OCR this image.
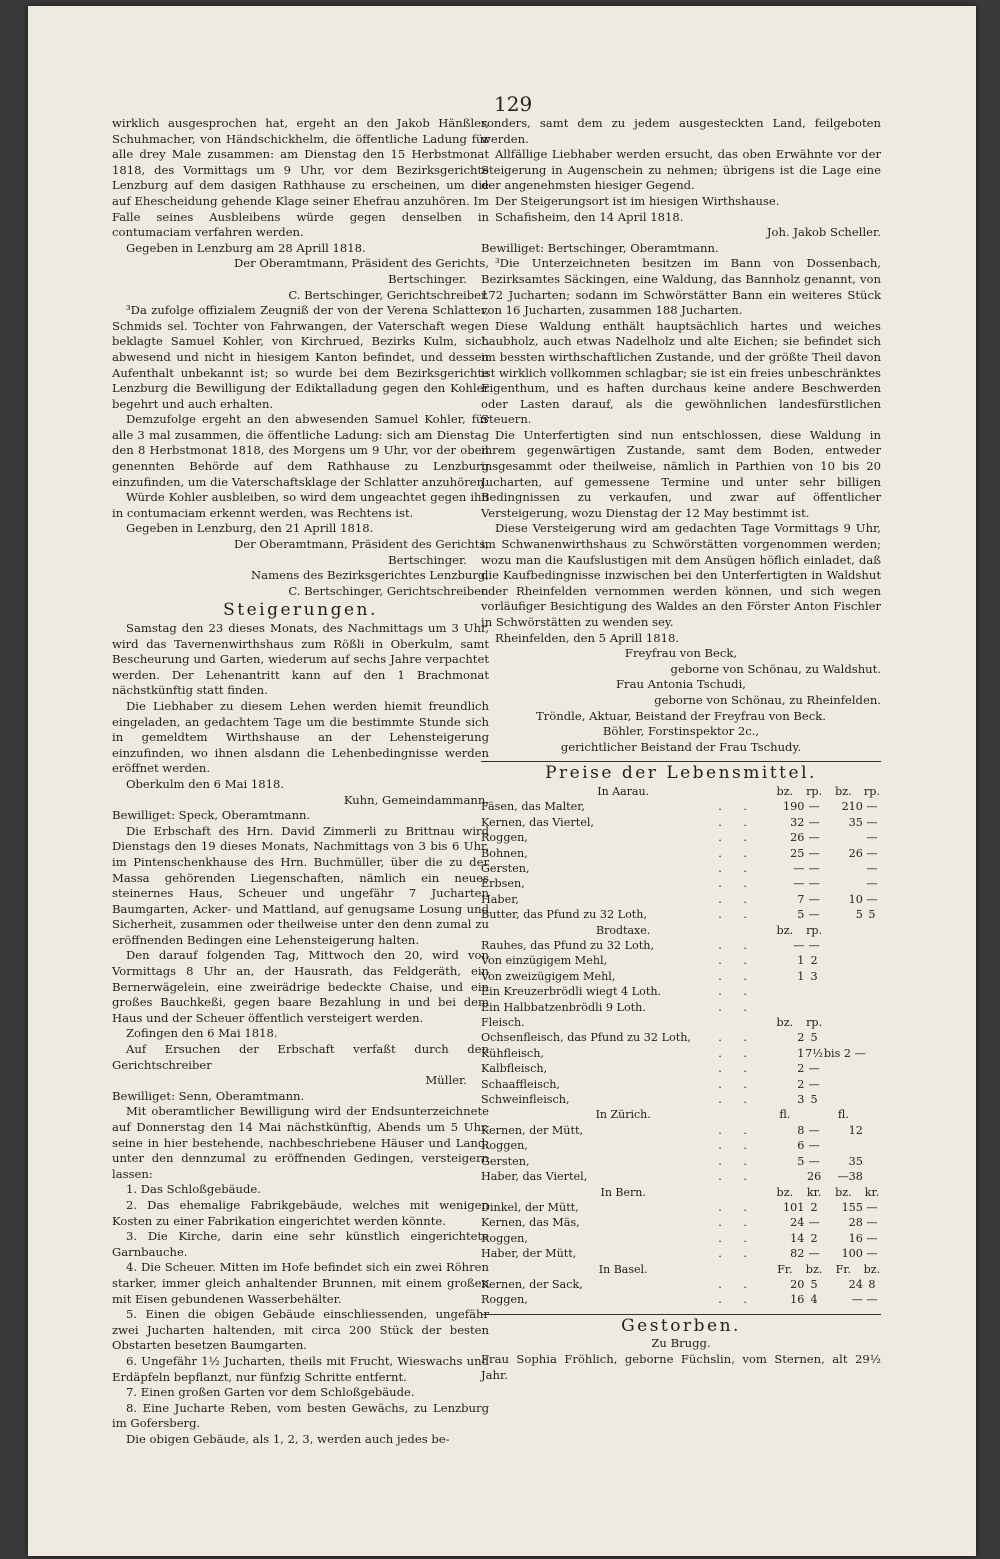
129

wirklich ausgesprochen hat, ergeht an den Jakob Hänßler, Schuhmacher, von Händschickhelm, die öffentliche Ladung für alle drey Male zusammen: am Dienstag den 15 Herbstmonat 1818, des Vormittags um 9 Uhr, vor dem Bezirksgerichte Lenzburg auf dem dasigen Rathhause zu erscheinen, um die auf Ehescheidung gehende Klage seiner Ehefrau anzuhören. Im Falle seines Ausbleibens würde gegen denselben in contumaciam verfahren werden.

Gegeben in Lenzburg am 28 Aprill 1818.

Der Oberamtmann, Präsident des Gerichts,

Bertschinger.

C. Bertschinger, Gerichtschreiber.

³Da zufolge offizialem Zeugniß der von der Verena Schlatter, Schmids sel. Tochter von Fahrwangen, der Vaterschaft wegen beklagte Samuel Kohler, von Kirchrued, Bezirks Kulm, sich abwesend und nicht in hiesigem Kanton befindet, und dessen Aufenthalt unbekannt ist; so wurde bei dem Bezirksgerichte Lenzburg die Bewilligung der Ediktalladung gegen den Kohler begehrt und auch erhalten.

Demzufolge ergeht an den abwesenden Samuel Kohler, für alle 3 mal zusammen, die öffentliche Ladung: sich am Dienstag den 8 Herbstmonat 1818, des Morgens um 9 Uhr, vor der oben genennten Behörde auf dem Rathhause zu Lenzburg einzufinden, um die Vaterschaftsklage der Schlatter anzuhören.

Würde Kohler ausbleiben, so wird dem ungeachtet gegen ihn in contumaciam erkennt werden, was Rechtens ist.

Gegeben in Lenzburg, den 21 Aprill 1818.

Der Oberamtmann, Präsident des Gerichts,

Bertschinger.

Namens des Bezirksgerichtes Lenzburg,

C. Bertschinger, Gerichtschreiber.

Steigerungen.

Samstag den 23 dieses Monats, des Nachmittags um 3 Uhr, wird das Tavernenwirthshaus zum Rößli in Oberkulm, samt Bescheurung und Garten, wiederum auf sechs Jahre verpachtet werden. Der Lehenantritt kann auf den 1 Brachmonat nächstkünftig statt finden.

Die Liebhaber zu diesem Lehen werden hiemit freundlich eingeladen, an gedachtem Tage um die bestimmte Stunde sich in gemeldtem Wirthshause an der Lehensteigerung einzufinden, wo ihnen alsdann die Lehenbedingnisse werden eröffnet werden.

Oberkulm den 6 Mai 1818.

Kuhn, Gemeindammann.

Bewilliget: Speck, Oberamtmann.

Die Erbschaft des Hrn. David Zimmerli zu Brittnau wird Dienstags den 19 dieses Monats, Nachmittags von 3 bis 6 Uhr, im Pintenschenkhause des Hrn. Buchmüller, über die zu der Massa gehörenden Liegenschaften, nämlich ein neues steinernes Haus, Scheuer und ungefähr 7 Jucharten Baumgarten, Acker- und Mattland, auf genugsame Losung und Sicherheit, zusammen oder theilweise unter den denn zumal zu eröffnenden Bedingen eine Lehensteigerung halten.

Den darauf folgenden Tag, Mittwoch den 20, wird von Vormittags 8 Uhr an, der Hausrath, das Feldgeräth, ein Bernerwägelein, eine zweirädrige bedeckte Chaise, und ein großes Bauchkeßi, gegen baare Bezahlung in und bei dem Haus und der Scheuer öffentlich versteigert werden.

Zofingen den 6 Mai 1818.

Auf Ersuchen der Erbschaft verfaßt durch den Gerichtschreiber

Müller.

Bewilliget: Senn, Oberamtmann.

Mit oberamtlicher Bewilligung wird der Endsunterzeichnete auf Donnerstag den 14 Mai nächstkünftig, Abends um 5 Uhr, seine in hier bestehende, nachbeschriebene Häuser und Land, unter den dennzumal zu eröffnenden Gedingen, versteigern lassen:

1. Das Schloßgebäude.

2. Das ehemalige Fabrikgebäude, welches mit wenigen Kosten zu einer Fabrikation eingerichtet werden könnte.

3. Die Kirche, darin eine sehr künstlich eingerichtete Garnbauche.

4. Die Scheuer. Mitten im Hofe befindet sich ein zwei Röhren starker, immer gleich anhaltender Brunnen, mit einem großen mit Eisen gebundenen Wasserbehälter.

5. Einen die obigen Gebäude einschliessenden, ungefähr zwei Jucharten haltenden, mit circa 200 Stück der besten Obstarten besetzen Baumgarten.

6. Ungefähr 1½ Jucharten, theils mit Frucht, Wieswachs und Erdäpfeln bepflanzt, nur fünfzig Schritte entfernt.

7. Einen großen Garten vor dem Schloßgebäude.

8. Eine Jucharte Reben, vom besten Gewächs, zu Lenzburg im Gofersberg.

Die obigen Gebäude, als 1, 2, 3, werden auch jedes be-

sonders, samt dem zu jedem ausgesteckten Land, feilgeboten werden.

Allfällige Liebhaber werden ersucht, das oben Erwähnte vor der Steigerung in Augenschein zu nehmen; übrigens ist die Lage eine der angenehmsten hiesiger Gegend.

Der Steigerungsort ist im hiesigen Wirthshause.

Schafisheim, den 14 April 1818.

Joh. Jakob Scheller.

Bewilliget: Bertschinger, Oberamtmann.

³Die Unterzeichneten besitzen im Bann von Dossenbach, Bezirksamtes Säckingen, eine Waldung, das Bannholz genannt, von 172 Jucharten; sodann im Schwörstätter Bann ein weiteres Stück von 16 Jucharten, zusammen 188 Jucharten.

Diese Waldung enthält hauptsächlich hartes und weiches Laubholz, auch etwas Nadelholz und alte Eichen; sie befindet sich im bessten wirthschaftlichen Zustande, und der größte Theil davon ist wirklich vollkommen schlagbar; sie ist ein freies unbeschränktes Eigenthum, und es haften durchaus keine andere Beschwerden oder Lasten darauf, als die gewöhnlichen landesfürstlichen Steuern.

Die Unterfertigten sind nun entschlossen, diese Waldung in ihrem gegenwärtigen Zustande, samt dem Boden, entweder insgesammt oder theilweise, nämlich in Parthien von 10 bis 20 Jucharten, auf gemessene Termine und unter sehr billigen Bedingnissen zu verkaufen, und zwar auf öffentlicher Versteigerung, wozu Dienstag der 12 May bestimmt ist.

Diese Versteigerung wird am gedachten Tage Vormittags 9 Uhr, im Schwanenwirthshaus zu Schwörstätten vorgenommen werden; wozu man die Kaufslustigen mit dem Ansügen höflich einladet, daß die Kaufbedingnisse inzwischen bei den Unterfertigten in Waldshut oder Rheinfelden vernommen werden können, und sich wegen vorläufiger Besichtigung des Waldes an den Förster Anton Fischler in Schwörstätten zu wenden sey.

Rheinfelden, den 5 Aprill 1818.

Freyfrau von Beck,

geborne von Schönau, zu Waldshut.

Frau Antonia Tschudi,

geborne von Schönau, zu Rheinfelden.

Tröndle, Aktuar, Beistand der Freyfrau von Beck.

Böhler, Forstinspektor 2c.,

gerichtlicher Beistand der Frau Tschudy.

Preise der Lebensmittel.
In Aarau.		bz.	rp.	bz.	rp.
Fäsen, das Malter,	. .	190	—	210	—
Kernen, das Viertel,	. .	32	—	35	—
Roggen,	. .	26	—		—
Bohnen,	. .	25	—	26	—
Gersten,	. .	—	—		—
Erbsen,	. .	—	—		—
Haber,	. .	7	—	10	—
Butter, das Pfund zu 32 Loth,	. .	5	—	5	5
Brodtaxe.		bz.	rp.		
Rauhes, das Pfund zu 32 Loth,	. .	—	—		
Von einzügigem Mehl,	. .	1	2		
Von zweizügigem Mehl,	. .	1	3		
Ein Kreuzerbrödli wiegt 4 Loth.	. .				
Ein Halbbatzenbrödli 9 Loth.	. .				
Fleisch.		bz.	rp.		
Ochsenfleisch, das Pfund zu 32 Loth,	. .	2	5		
Kühfleisch,	. .	1	7½	bis 2 —	
Kalbfleisch,	. .	2	—		
Schaaffleisch,	. .	2	—		
Schweinfleisch,	. .	3	5		
In Zürich.		fl.		fl.	
Kernen, der Mütt,	. .	8	—	12	
Roggen,	. .	6	—		
Gersten,	. .	5	—	35	
Haber, das Viertel,	. .		26	—38	
In Bern.		bz.	kr.	bz.	kr.
Dinkel, der Mütt,	. .	101	2	155	—
Kernen, das Mäs,	. .	24	—	28	—
Roggen,	. .	14	2	16	—
Haber, der Mütt,	. .	82	—	100	—
In Basel.		Fr.	bz.	Fr.	bz.
Kernen, der Sack,	. .	20	5	24	8
Roggen,	. .	16	4	—	—
Gestorben.

Zu Brugg.

Frau Sophia Fröhlich, geborne Füchslin, vom Sternen, alt 29½ Jahr.
